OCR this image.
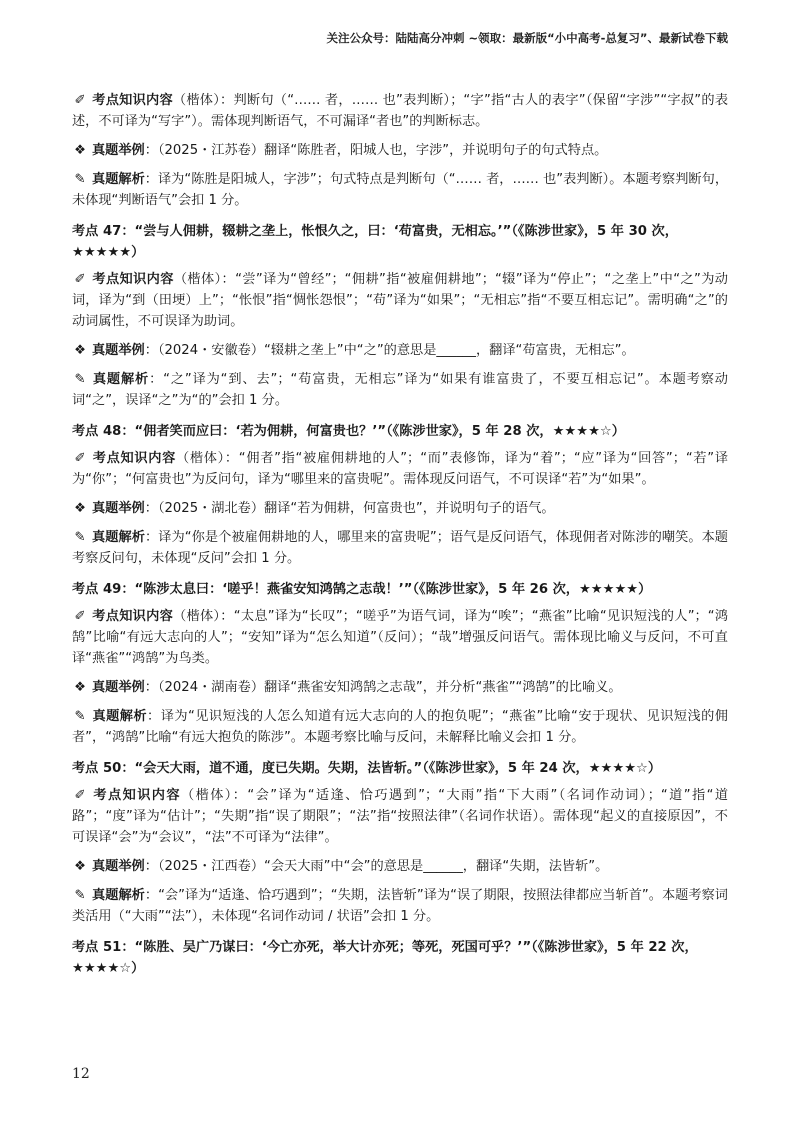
关注公众号：陆陆高分冲刺 ~领取：最新版“小中高考-总复习”、最新试卷下载

✐ 考点知识内容（楷体）：判断句（“…… 者，…… 也”表判断）；“字”指“古人的表字”（保留“字涉”“字叔”的表述，不可译为“写字”）。需体现判断语气，不可漏译“者也”的判断标志。

❖ 真题举例：（2025・江苏卷）翻译“陈胜者，阳城人也，字涉”，并说明句子的句式特点。

✎ 真题解析：译为“陈胜是阳城人，字涉”；句式特点是判断句（“…… 者，…… 也”表判断）。本题考察判断句，未体现“判断语气”会扣 1 分。

考点 47：“尝与人佣耕，辍耕之垄上，怅恨久之，曰：‘苟富贵，无相忘。’”（《陈涉世家》，5 年 30 次，★★★★★）

✐ 考点知识内容（楷体）：“尝”译为“曾经”；“佣耕”指“被雇佣耕地”；“辍”译为“停止”；“之垄上”中“之”为动词，译为“到（田埂）上”；“怅恨”指“惆怅怨恨”；“苟”译为“如果”；“无相忘”指“不要互相忘记”。需明确“之”的动词属性，不可误译为助词。

❖ 真题举例：（2024・安徽卷）“辍耕之垄上”中“之”的意思是______，翻译“苟富贵，无相忘”。

✎ 真题解析：“之”译为“到、去”；“苟富贵，无相忘”译为“如果有谁富贵了，不要互相忘记”。本题考察动词“之”，误译“之”为“的”会扣 1 分。

考点 48：“佣者笑而应曰：‘若为佣耕，何富贵也？’”（《陈涉世家》，5 年 28 次，★★★★☆）

✐ 考点知识内容（楷体）：“佣者”指“被雇佣耕地的人”；“而”表修饰，译为“着”；“应”译为“回答”；“若”译为“你”；“何富贵也”为反问句，译为“哪里来的富贵呢”。需体现反问语气，不可误译“若”为“如果”。

❖ 真题举例：（2025・湖北卷）翻译“若为佣耕，何富贵也”，并说明句子的语气。

✎ 真题解析：译为“你是个被雇佣耕地的人，哪里来的富贵呢”；语气是反问语气，体现佣者对陈涉的嘲笑。本题考察反问句，未体现“反问”会扣 1 分。

考点 49：“陈涉太息曰：‘嗟乎！燕雀安知鸿鹄之志哉！’”（《陈涉世家》，5 年 26 次，★★★★★）

✐ 考点知识内容（楷体）：“太息”译为“长叹”；“嗟乎”为语气词，译为“唉”；“燕雀”比喻“见识短浅的人”；“鸿鹄”比喻“有远大志向的人”；“安知”译为“怎么知道”（反问）；“哉”增强反问语气。需体现比喻义与反问，不可直译“燕雀”“鸿鹄”为鸟类。

❖ 真题举例：（2024・湖南卷）翻译“燕雀安知鸿鹄之志哉”，并分析“燕雀”“鸿鹄”的比喻义。

✎ 真题解析：译为“见识短浅的人怎么知道有远大志向的人的抱负呢”；“燕雀”比喻“安于现状、见识短浅的佣者”，“鸿鹄”比喻“有远大抱负的陈涉”。本题考察比喻与反问，未解释比喻义会扣 1 分。

考点 50：“会天大雨，道不通，度已失期。失期，法皆斩。”（《陈涉世家》，5 年 24 次，★★★★☆）

✐ 考点知识内容（楷体）：“会”译为“适逢、恰巧遇到”；“大雨”指“下大雨”（名词作动词）；“道”指“道路”；“度”译为“估计”；“失期”指“误了期限”；“法”指“按照法律”（名词作状语）。需体现“起义的直接原因”，不可误译“会”为“会议”，“法”不可译为“法律”。

❖ 真题举例：（2025・江西卷）“会天大雨”中“会”的意思是______，翻译“失期，法皆斩”。

✎ 真题解析：“会”译为“适逢、恰巧遇到”；“失期，法皆斩”译为“误了期限，按照法律都应当斩首”。本题考察词类活用（“大雨”“法”），未体现“名词作动词 / 状语”会扣 1 分。

考点 51：“陈胜、吴广乃谋曰：‘今亡亦死，举大计亦死；等死，死国可乎？’”（《陈涉世家》，5 年 22 次，★★★★☆）

12
